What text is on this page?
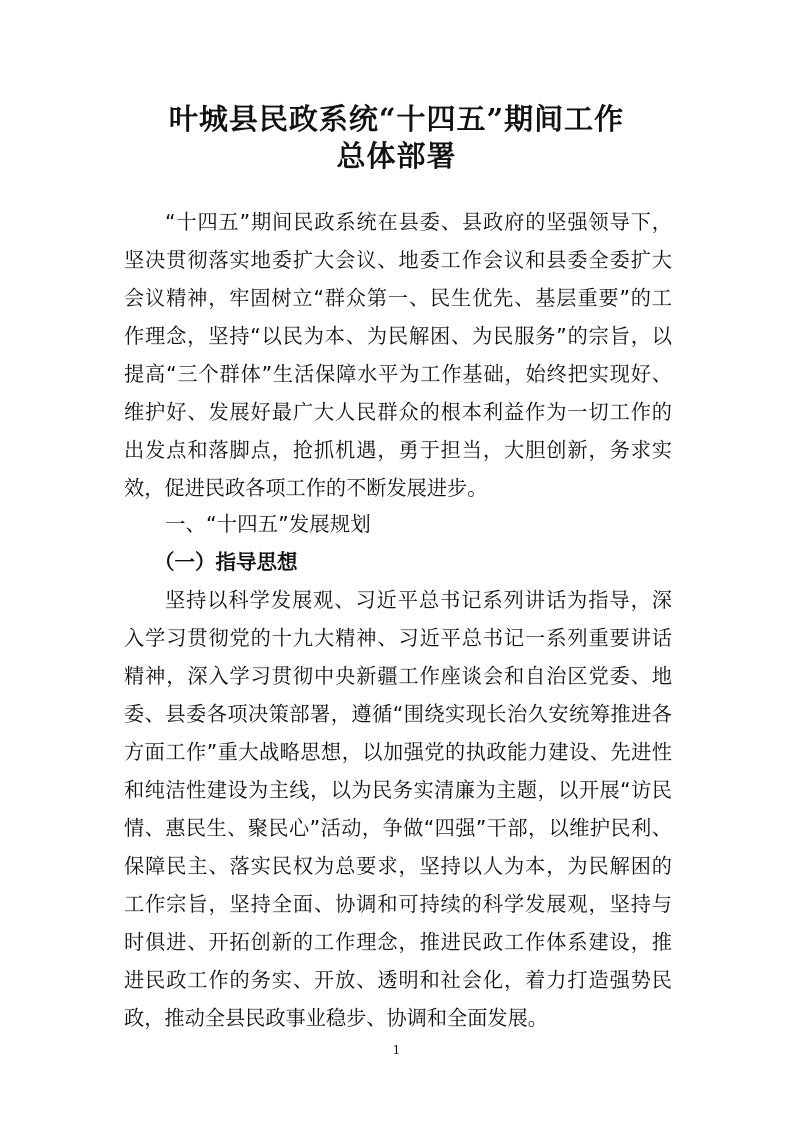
叶城县民政系统“十四五”期间工作
总体部署
“十四五”期间民政系统在县委、县政府的坚强领导下，
坚决贯彻落实地委扩大会议、地委工作会议和县委全委扩大
会议精神，牢固树立“群众第一、民生优先、基层重要”的工
作理念，坚持“以民为本、为民解困、为民服务”的宗旨，以
提高“三个群体”生活保障水平为工作基础，始终把实现好、
维护好、发展好最广大人民群众的根本利益作为一切工作的
出发点和落脚点，抢抓机遇，勇于担当，大胆创新，务求实
效，促进民政各项工作的不断发展进步。
一、“十四五”发展规划
（一）指导思想
坚持以科学发展观、习近平总书记系列讲话为指导，深
入学习贯彻党的十九大精神、习近平总书记一系列重要讲话
精神，深入学习贯彻中央新疆工作座谈会和自治区党委、地
委、县委各项决策部署，遵循“围绕实现长治久安统筹推进各
方面工作”重大战略思想，以加强党的执政能力建设、先进性
和纯洁性建设为主线，以为民务实清廉为主题，以开展“访民
情、惠民生、聚民心”活动，争做“四强”干部，以维护民利、
保障民主、落实民权为总要求，坚持以人为本，为民解困的
工作宗旨，坚持全面、协调和可持续的科学发展观，坚持与
时俱进、开拓创新的工作理念，推进民政工作体系建设，推
进民政工作的务实、开放、透明和社会化，着力打造强势民
政，推动全县民政事业稳步、协调和全面发展。
1
